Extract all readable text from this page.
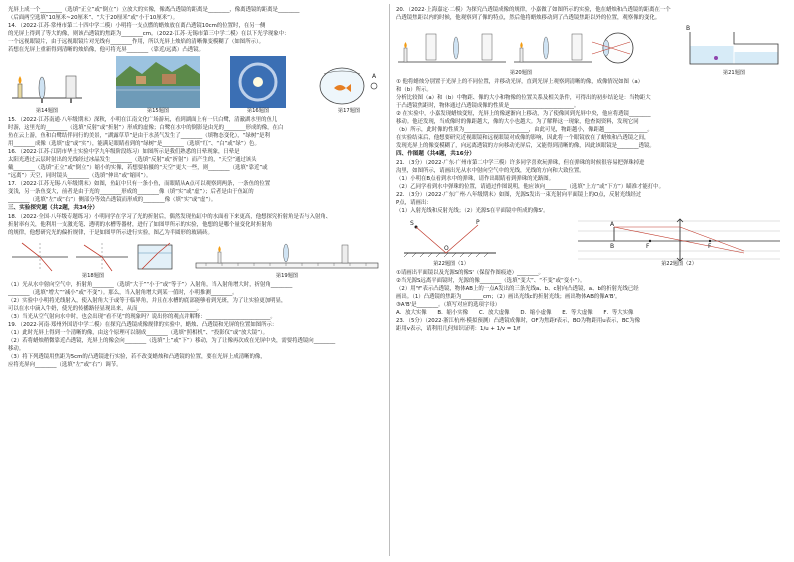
光屏上成一个________（选填“正立”或“倒立”）立放大的实像，像离凸透镜的距离是________，像离透镜的距离是________
（后面两空选填“10厘米~20厘米”、“大于20厘米”或“小于10厘米”）。
14．（2022·江苏·常州市第二十四中学二模）小明将一支点燃的蜡烛放在离凸透镜10cm的位置时，在另一侧
的光屏上得到了等大的像，则该凸透镜的焦距为________cm。（2022·江苏·无锡市第三中学二模）在以下光学现象中：
一个远视眼镜片，由于远视眼镜片对光线有________作用，所以光屏上烛焰的清晰像变模糊了（如图所示）。
若想在光屏上重新得到清晰的烛焰像，他可将光屏________（靠近/远离）凸透镜。
第14题图	第15题图	第16题图
A
第17题图
15．（2022·江苏南通·八年级期末）深秋，小明在江南文化广场游玩，看到湖面上有一只白鹭，清澈湖水里的鱼儿
时游，这里光的________（选填“反射”或“折射”）形成的虚像；白鹭在水中的倒影是由光的________形成的像，在白
鱼在云上游，鱼和白鹭结伴同行的美景，“湖露草草”是由于水蒸气发生了________（填物态变化），“绿树”是利
用________成像（选填“虚”或“实”），能满足眼睛看到的“绿树”是________（选填“红”、“白”或“绿”）色。
16．（2022·江苏·江阴市华士实验中学九年级阶段练习）如图所示是我们熟悉的日晕现象，日晕是
太阳光透过云层时射出的光线经过冰晶发生________（选填“反射”或“折射”）而产生的，“天空”通过该头
戴________（选填“正立”或“倒立”）缩小的实像，若想要拍摄的“天空”更大一些，则________（选填“靠近”或
“远离”）天空，同时镜头________（选填“伸出”或“缩回”）。
17．（2022·江苏无锡·八年级期末）如图，鱼缸中只有一条小鱼，而眼睛从A点可以观察到两条，一条鱼的位置
变浅，另一条鱼变大，前者是由于光的________形成的________像（填“实”或“虚”）；后者是由于鱼缸的
________（选填“左”或“右”）侧部分等效凸透镜而形成的________像（填“实”或“虚”）。
三、实验探究题（共2题，共34分）
18．（2022·全国·八年级专题练习）小明同学在学习了光的折射后，偶然发现鱼缸中的水面看下来更高，他想探究折射角是否与入射角、
折射率有关，他利用一支激光笔、透明的水槽等器材，进行了如图甲所示的实验，他想的是哪个量变化时折射角
的规律，他想研究光的偏折规律，于是如图甲所示进行实验，图乙为半圆形的玻璃砖。
第18题图	第19题图
（1）光从水中射向空气中，折射角________（选填“大于”“小于”或“等于”）入射角，当入射角增大时，折射角________
________（选填“增大”“减小”或“不变”）。那么，当入射角增大到某一值时，小明推测________。
（2）实验中小明将光线射入，使入射角大于或等于临界角，并且在水槽的底部能够看到光斑，为了让实验更加明显，
可以在水中滴入牛奶，使光的传播路径显现出来，从而______________________。
（3）当光从空气射向水中时，也会出现“看不见”的现象吗？说出你的观点并解释：________________________。
19．（2022·河南·郑州外国语中学二模）在探究凸透镜成像规律的实验中，蜡烛、凸透镜和光屏的位置如图所示：
（1）此时光屏上得到一个清晰的像，由这个原理可以制成________（选填“照相机”、“投影仪”或“放大镜”）。
（2）若将蜡烛稍微靠近凸透镜，光屏上的像会向________（选填“上”或“下”）移动，为了让像再次成在光屏中央，需要将透镜向________
移动。
（3）将下列透镜用焦距为5cm的凸透镜进行实验，若不改变蜡烛和凸透镜的位置，要在光屏上成清晰的像，
应将光屏向________（选填“左”或“右”）调节。
20．（2022·上海嘉定·二模）为探究凸透镜成像的规律，小嘉做了如图所示的实验，他在蜡烛和凸透镜的距离在一个
凸透镜焦距以内的时候，他观察到了像的特点，然后他将蜡烛移动到了凸透镜焦距以外的位置，观察像的变化。
第20题图
B
第21题图
① 他将蜡烛分别置于光屏上的不同位置，并移动光屏，直到光屏上观察到清晰的像，成像情况如图（a）
和（b）所示。
分析比较图（a）和（b）中物距、像的大小和物像的位置关系及相关条件，可得出的初步结论是：当物距大
于凸透镜焦距时，物体通过凸透镜成像的性质是________________________。
② 在实验中，小嘉发现蜡烛变短，光屏上的像逐渐向上移动，为了使像回到光屏中央，他应将透镜________
移动。他还发现，当成像时的像距越大，像的大小也越大。为了解释这一现象，他查阅资料，发现它同
（b）所示，此时像的性质为________________________，由此可见，物距越小，像距越________________。
在实验结束后，他想要研究近视眼镜和远视眼镜对成像的影响，因此将一个眼镜放在了蜡烛和凸透镜之间，
发现光屏上的像变模糊了，向远离透镜的方向移动光屏后，又能得到清晰的像，因此该眼镜是________透镜。
四、作图题（共4题，共16分）
21．（3分）（2022·广东·广州市第二中学三模）许多同学喜欢玩弹珠，但在弹珠的时候很容易把弹珠掉进
沟里，如图所示，请画出光从水中射向空气中的光线，光线的方向和大致位置。
（1）小明在B点看到水中的弹珠，请作出眼睛看到弹珠的光路图。
（2）乙同学看到水中弹珠的位置，请通过作图说明，他应该向________（选填“上方”或“下方”）瞄准才能打中。
22．（3分）（2022·广东广州·八年级期末）如图，光源S发出一束光射向平面镜上的O点，反射光线经过
P点，请画出：
（1）入射光线和反射光线；（2）光源S在平面镜中所成的像S'。
S	P
O
第22题图（1）
A
B	F	F
第22题图（2）
①请画出平面镜以及光源S的像S'（保留作图痕迹）________。
②当光源S远离平面镜时，光源的像________（选填“变大”、“不变”或“变小”）。
（2）用"f"表示凸透镜，物体AB上的一点A发出的三条光线a、b、c射向凸透镜，a、b的折射光线已经
画出。（1）凸透镜的焦距为________cm；（2）画出光线c的折射光线；画出物体AB的像A'B'。
③A'B'是________。（填写对应的选项字母）
A．放大实像　　B．缩小实像　　C．放大虚像　　D．缩小虚像　　E．等大虚像　　F．等大实像
23．（5分）（2022·浙江杭州·模拟预测）凸透镜成像时，OF为焦距f表示，BO为物距用u表示，BC为像
距用v表示，请利用几何知识证明：1/u + 1/v = 1/f
